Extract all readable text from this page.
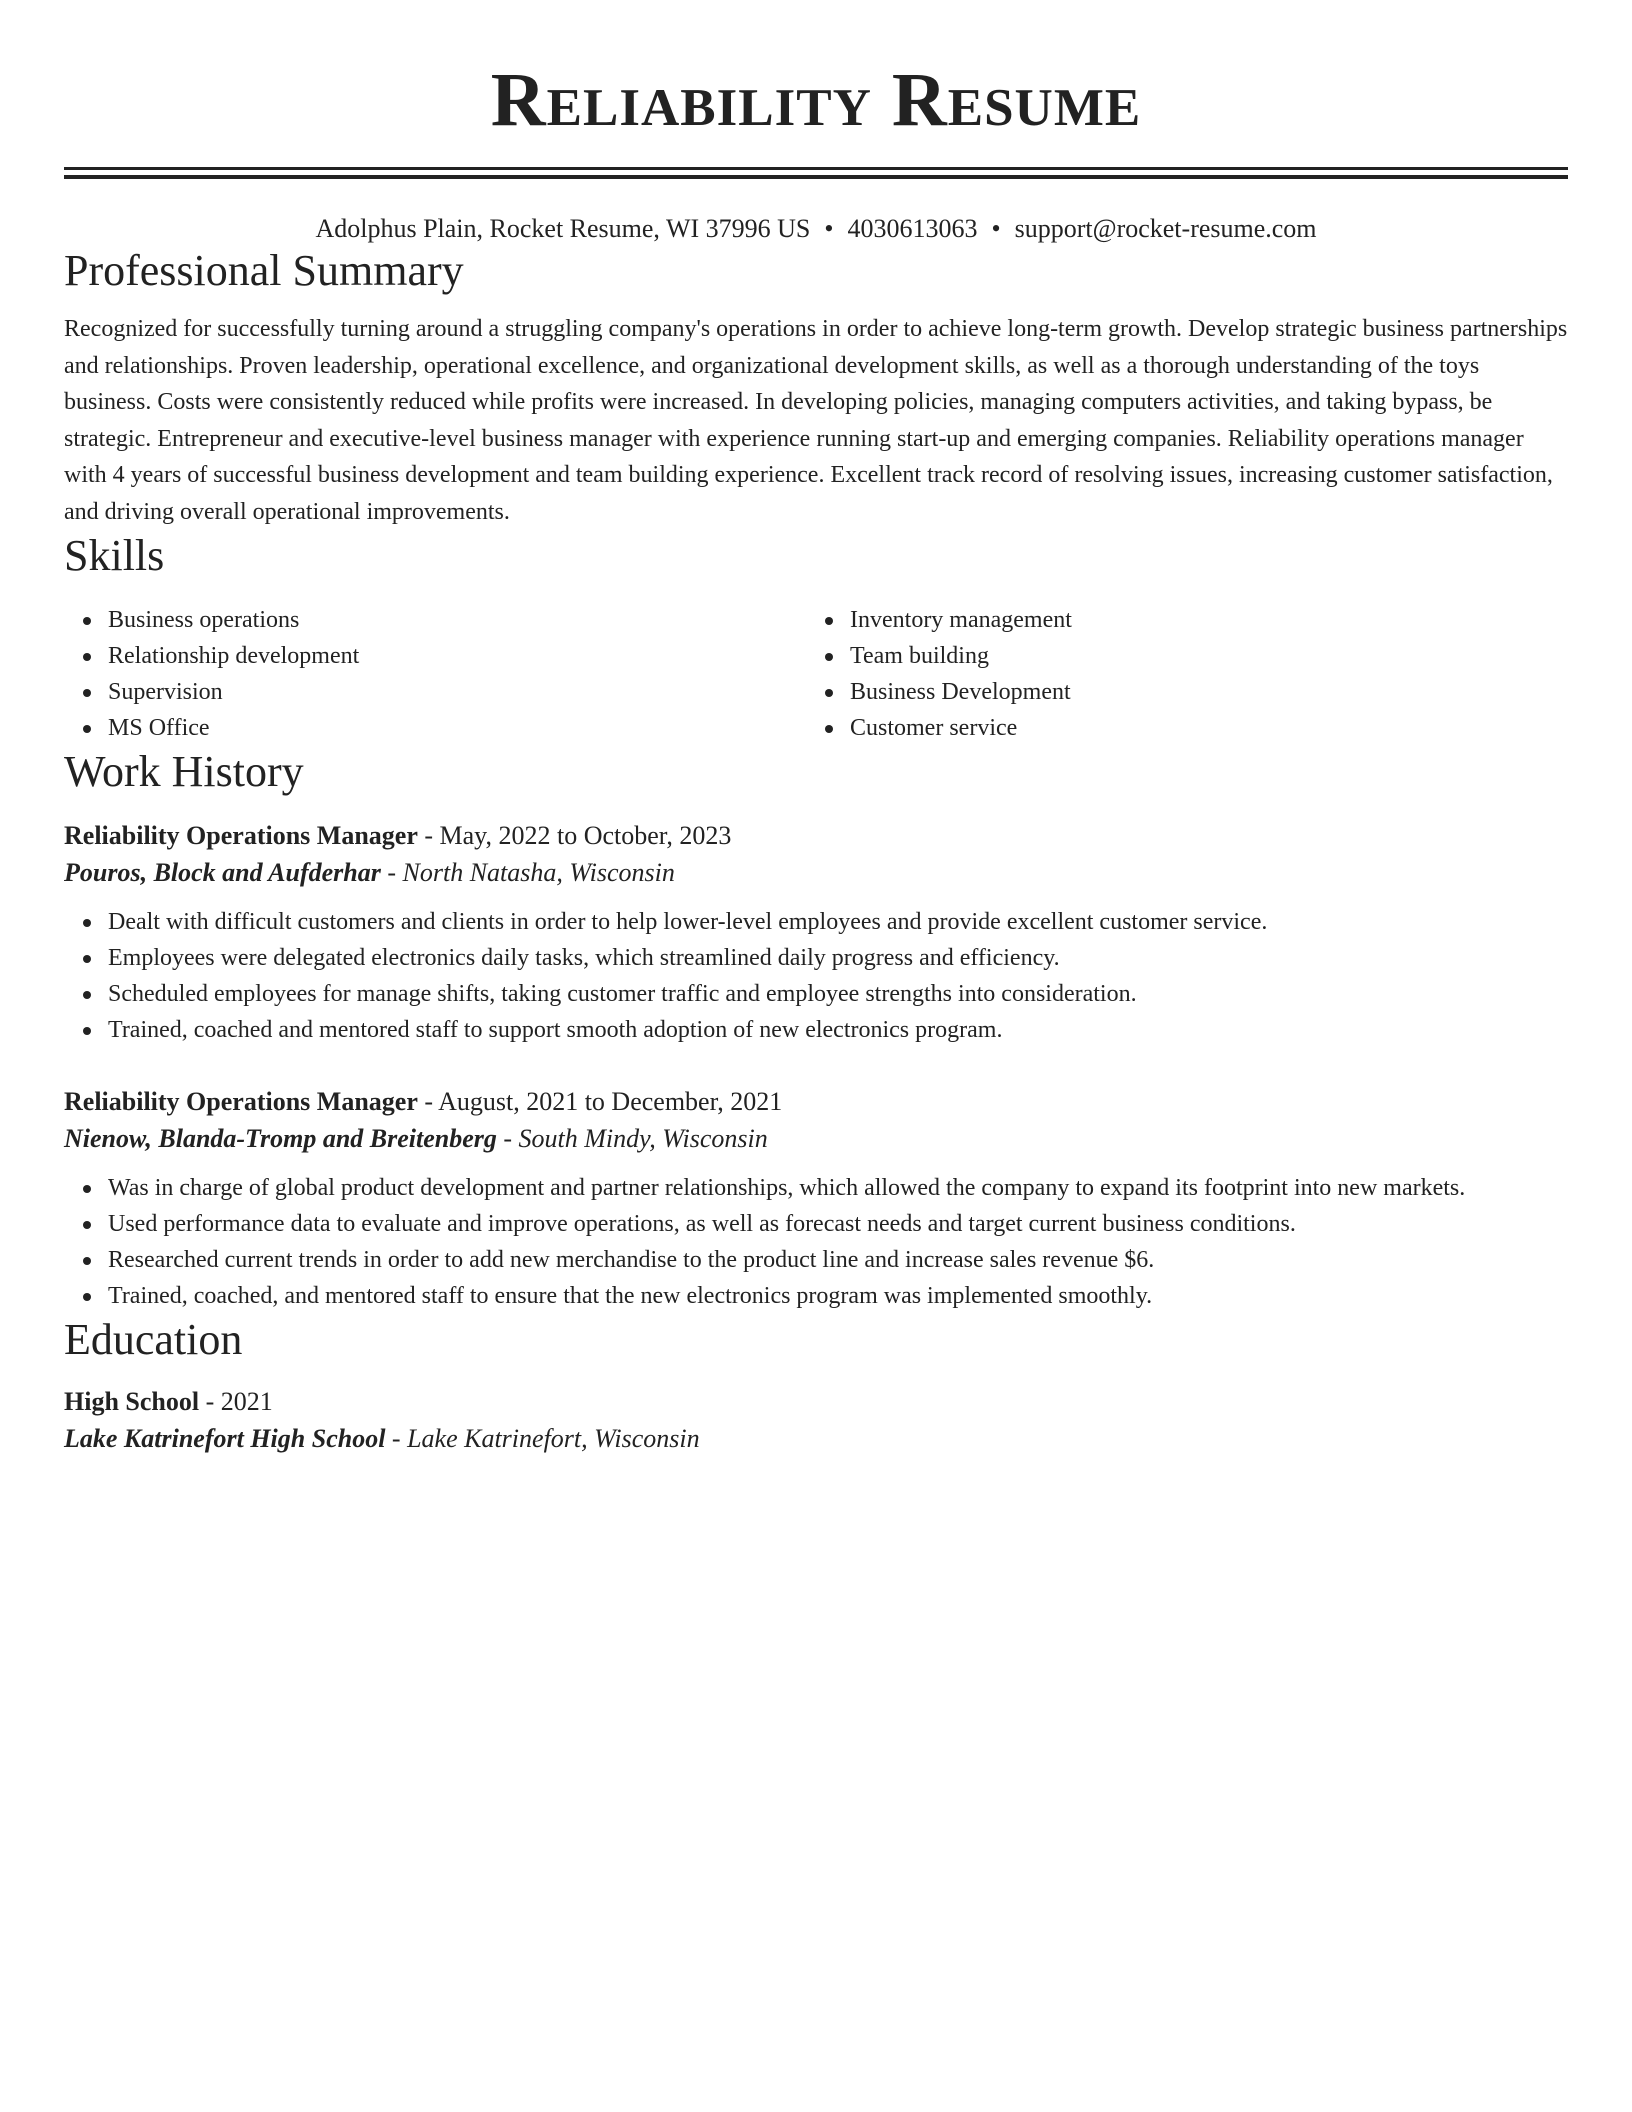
Reliability Resume
Adolphus Plain, Rocket Resume, WI 37996 US • 4030613063 • support@rocket-resume.com
Professional Summary
Recognized for successfully turning around a struggling company's operations in order to achieve long-term growth. Develop strategic business partnerships and relationships. Proven leadership, operational excellence, and organizational development skills, as well as a thorough understanding of the toys business. Costs were consistently reduced while profits were increased. In developing policies, managing computers activities, and taking bypass, be strategic. Entrepreneur and executive-level business manager with experience running start-up and emerging companies. Reliability operations manager with 4 years of successful business development and team building experience. Excellent track record of resolving issues, increasing customer satisfaction, and driving overall operational improvements.
Skills
Business operations
Relationship development
Supervision
MS Office
Inventory management
Team building
Business Development
Customer service
Work History
Reliability Operations Manager - May, 2022 to October, 2023
Pouros, Block and Aufderhar - North Natasha, Wisconsin
Dealt with difficult customers and clients in order to help lower-level employees and provide excellent customer service.
Employees were delegated electronics daily tasks, which streamlined daily progress and efficiency.
Scheduled employees for manage shifts, taking customer traffic and employee strengths into consideration.
Trained, coached and mentored staff to support smooth adoption of new electronics program.
Reliability Operations Manager - August, 2021 to December, 2021
Nienow, Blanda-Tromp and Breitenberg - South Mindy, Wisconsin
Was in charge of global product development and partner relationships, which allowed the company to expand its footprint into new markets.
Used performance data to evaluate and improve operations, as well as forecast needs and target current business conditions.
Researched current trends in order to add new merchandise to the product line and increase sales revenue $6.
Trained, coached, and mentored staff to ensure that the new electronics program was implemented smoothly.
Education
High School - 2021
Lake Katrinefort High School - Lake Katrinefort, Wisconsin
